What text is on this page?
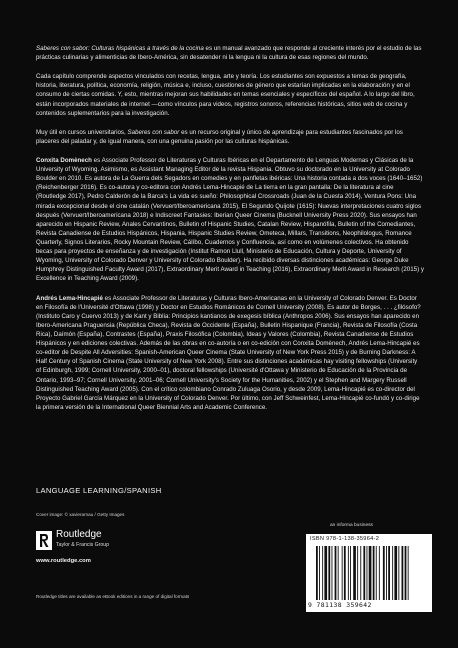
Saberes con sabor: Culturas hispánicas a través de la cocina es un manual avanzado que responde al creciente interés por el estudio de las prácticas culinarias y alimenticias de Ibero-América, sin desatender ni la lengua ni la cultura de esas regiones del mundo.

Cada capítulo comprende aspectos vinculados con recetas, lengua, arte y teoría. Los estudiantes son expuestos a temas de geografía, historia, literatura, política, economía, religión, música e, incluso, cuestiones de género que estarían implicadas en la elaboración y en el consumo de ciertas comidas. Y, esto, mientras mejoran sus habilidades en temas esenciales y específicos del español. A lo largo del libro, están incorporados materiales de internet —como vínculos para videos, registros sonoros, referencias históricas, sitios web de cocina y contenidos suplementarios para la investigación.

Muy útil en cursos universitarios, Saberes con sabor es un recurso original y único de aprendizaje para estudiantes fascinados por los placeres del paladar y, de igual manera, con una genuina pasión por las culturas hispánicas.

Conxita Domènech es Associate Professor de Literaturas y Culturas Ibéricas en el Departamento de Lenguas Modernas y Clásicas de la University of Wyoming. Asimismo, es Assistant Managing Editor de la revista Hispania. Obtuvo su doctorado en la University at Colorado Boulder en 2010. Es autora de La Guerra dels Segadors en comedies y en panfletas ibéricas: Una historia contada a dos voces (1640–1652) (Reichenberger 2016). Es co-autora y co-editora con Andrés Lema-Hincapié de La tierra en la gran pantalla: De la literatura al cine (Routledge 2017), Pedro Calderón de la Barca's La vida es sueño: Philosophical Crossroads (Juan de la Cuesta 2014), Ventura Pons: Una mirada excepcional desde el cine catalán (Vervuert/Iberoamericana 2015), El Segundo Quijote (1615): Nuevas interpretaciones cuatro siglos después (Vervuert/Iberoamericana 2018) e Indiscreet Fantasies: Iberian Queer Cinema (Bucknell University Press 2020). Sus ensayos han aparecido en Hispanic Review, Anales Cervantinos, Bulletin of Hispanic Studies, Catalan Review, Hispanófila, Bulletin of the Comediantes, Revista Canadiense de Estudios Hispánicos, Hispania, Hispanic Studies Review, Ometeca, Millars, Transitions, Neophilologus, Romance Quarterly, Signos Literarios, Rocky Mountain Review, Cálíbo, Cuadernos y Confluencia, así como en volúmenes colectivos. Ha obtenido becas para proyectos de enseñanza y de investigación (Institut Ramon Llull, Ministerio de Educación, Cultura y Deporte, University of Wyoming, University of Colorado Denver y University of Colorado Boulder). Ha recibido diversas distinciones académicas: George Duke Humphrey Distinguished Faculty Award (2017), Extraordinary Merit Award in Teaching (2016), Extraordinary Merit Award in Research (2015) y Excellence in Teaching Award (2009).

Andrés Lema-Hincapié es Associate Professor de Literaturas y Culturas Ibero-Americanas en la University of Colorado Denver. Es Doctor en Filosofía de l'Université d'Ottawa (1998) y Doctor en Estudios Románicos de Cornell University (2008). Es autor de Borges, . . . ¿filósofo? (Instituto Caro y Cuervo 2013) y de Kant y Biblia: Principios kantianos de exegesis bíblica (Anthropos 2006). Sus ensayos han aparecido en Ibero-Americana Praguensia (República Checa), Revista de Occidente (España), Bulletin Hispanique (Francia), Revista de Filosofía (Costa Rica), Daímón (España), Contrastes (España), Praxis Filosófica (Colombia), Ideas y Valores (Colombia), Revista Canadiense de Estudios Hispánicos y en ediciones colectivas. Además de las obras en co-autoría o en co-edición con Conxita Domènech, Andrés Lema-Hincapié es co-editor de Despite All Adversities: Spanish-American Queer Cinema (State University of New York Press 2015) y de Burning Darkness: A Half Century of Spanish Cinema (State University of New York 2008). Entre sus distinciones académicas hay visiting fellowships (University of Edinburgh, 1999; Cornell University, 2000–01), doctoral fellowships (Université d'Ottawa y Ministerio de Educación de la Provincia de Ontario, 1993–97; Cornell University, 2001–06; Cornell University's Society for the Humanities, 2002) y el Stephen and Margery Russell Distinguished Teaching Award (2005). Con el crítico colombiano Conrado Zuluaga Osorio, y desde 2009, Lema-Hincapié es co-director del Proyecto Gabriel García Márquez en la University of Colorado Denver. Por último, con Jeff Schweinfest, Lema-Hincapié co-fundó y co-dirige la primera versión de la International Queer Biennial Arts and Academic Conference.

LANGUAGE LEARNING/SPANISH
Cover image: © xavierarnau / Getty Images
Routledge
Taylor & Francis Group
www.routledge.com
Routledge titles are available as eBook editions in a range of digital formats
an informa business
ISBN 978-1-138-35964-2
9 781138 359642
